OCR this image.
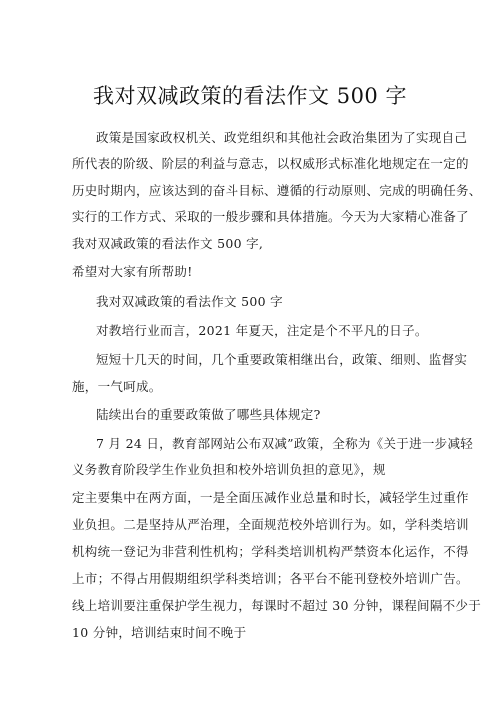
我对双减政策的看法作文 500 字
政策是国家政权机关、政党组织和其他社会政治集团为了实现自己
所代表的阶级、阶层的利益与意志，以权威形式标准化地规定在一定的
历史时期内，应该达到的奋斗目标、遵循的行动原则、完成的明确任务、
实行的工作方式、采取的一般步骤和具体措施。今天为大家精心准备了
我对双减政策的看法作文 500 字,
希望对大家有所帮助!
我对双减政策的看法作文 500 字
对教培行业而言，2021 年夏天，注定是个不平凡的日子。
短短十几天的时间，几个重要政策相继出台，政策、细则、监督实
施，一气呵成。
陆续出台的重要政策做了哪些具体规定?
7 月 24 日，教育部网站公布双减”政策，全称为《关于进一步减轻
义务教育阶段学生作业负担和校外培训负担的意见》，规
定主要集中在两方面，一是全面压减作业总量和时长，减轻学生过重作
业负担。二是坚持从严治理，全面规范校外培训行为。如，学科类培训
机构统一登记为非营利性机构；学科类培训机构严禁资本化运作，不得
上市；不得占用假期组织学科类培训；各平台不能刊登校外培训广告。
线上培训要注重保护学生视力，每课时不超过 30 分钟，课程间隔不少于
10 分钟，培训结束时间不晚于
